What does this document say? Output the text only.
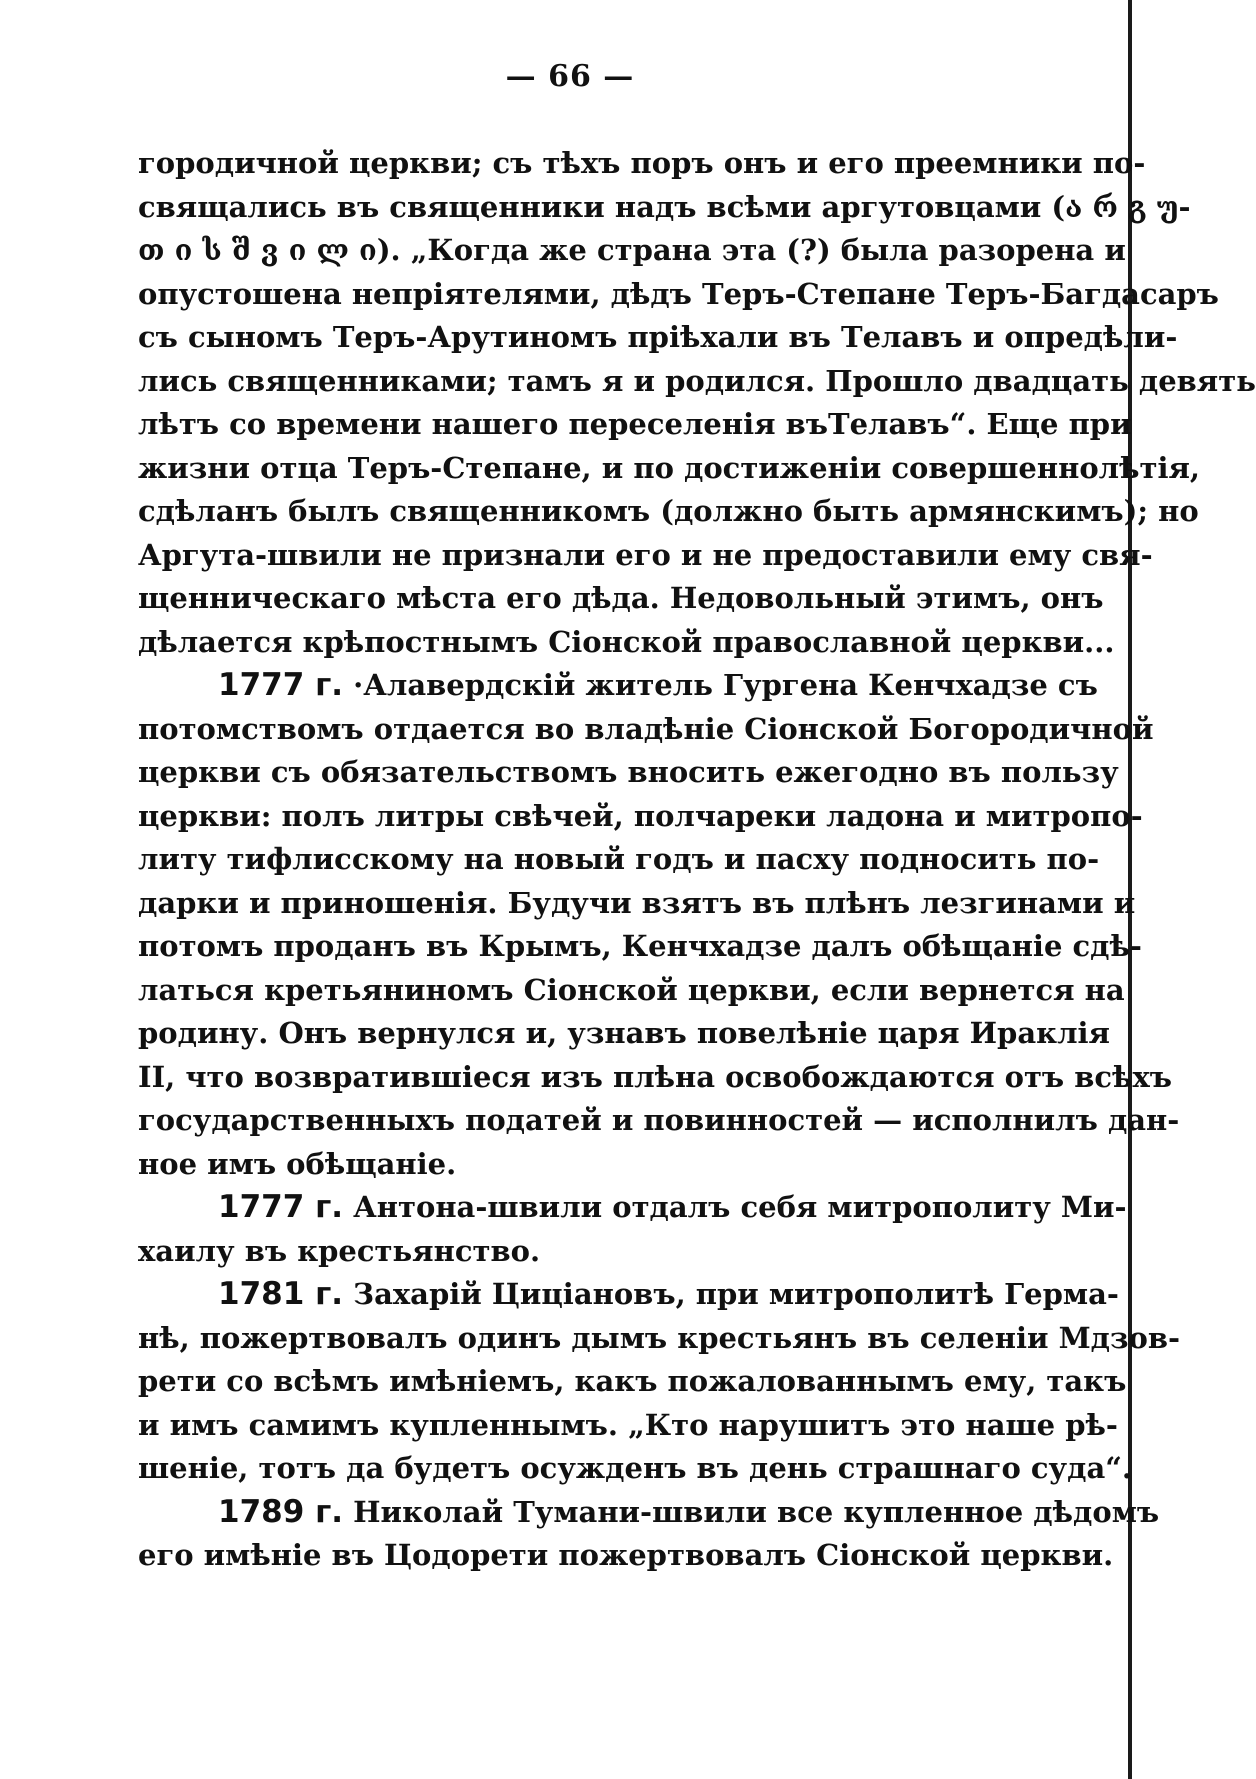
— 66 —
городичной церкви; съ тѣхъ поръ онъ и его преемники по-
свящались въ священники надъ всѣми аргутовцами (ა რ გ უ-
თ ი ს შ ვ ი ლ ი). „Когда же страна эта (?) была разорена и
опустошена непріятелями, дѣдъ Теръ-Степане Теръ-Багдасаръ
съ сыномъ Теръ-Арутиномъ пріѣхали въ Телавъ и опредѣли-
лись священниками; тамъ я и родился. Прошло двадцать девять
лѣтъ со времени нашего переселенія въТелавъ“. Еще при
жизни отца Теръ-Степане, и по достиженіи совершеннолѣтія,
сдѣланъ былъ священникомъ (должно быть армянскимъ); но
Аргута-швили не признали его и не предоставили ему свя-
щенническаго мѣста его дѣда. Недовольный этимъ, онъ
дѣлается крѣпостнымъ Сіонской православной церкви...
1777 г. ·Алавердскій житель Гургена Кенчхадзе съ
потомствомъ отдается во владѣніе Сіонской Богородичной
церкви съ обязательствомъ вносить ежегодно въ пользу
церкви: полъ литры свѣчей, полчареки ладона и митропо-
литу тифлисскому на новый годъ и пасху подносить по-
дарки и приношенія. Будучи взятъ въ плѣнъ лезгинами и
потомъ проданъ въ Крымъ, Кенчхадзе далъ обѣщаніе сдѣ-
латься кретьяниномъ Сіонской церкви, если вернется на
родину. Онъ вернулся и, узнавъ повелѣніе царя Ираклія
II, что возвратившіеся изъ плѣна освобождаются отъ всѣхъ
государственныхъ податей и повинностей — исполнилъ дан-
ное имъ обѣщаніе.
1777 г. Антона-швили отдалъ себя митрополиту Ми-
хаилу въ крестьянство.
1781 г. Захарій Цицiановъ, при митрополитѣ Герма-
нѣ, пожертвовалъ одинъ дымъ крестьянъ въ селеніи Мдзов-
рети со всѣмъ имѣніемъ, какъ пожалованнымъ ему, такъ
и имъ самимъ купленнымъ. „Кто нарушитъ это наше рѣ-
шеніе, тотъ да будетъ осужденъ въ день страшнаго суда“.
1789 г. Николай Тумани-швили все купленное дѣдомъ
его имѣніе въ Цодорети пожертвовалъ Сіонской церкви.
